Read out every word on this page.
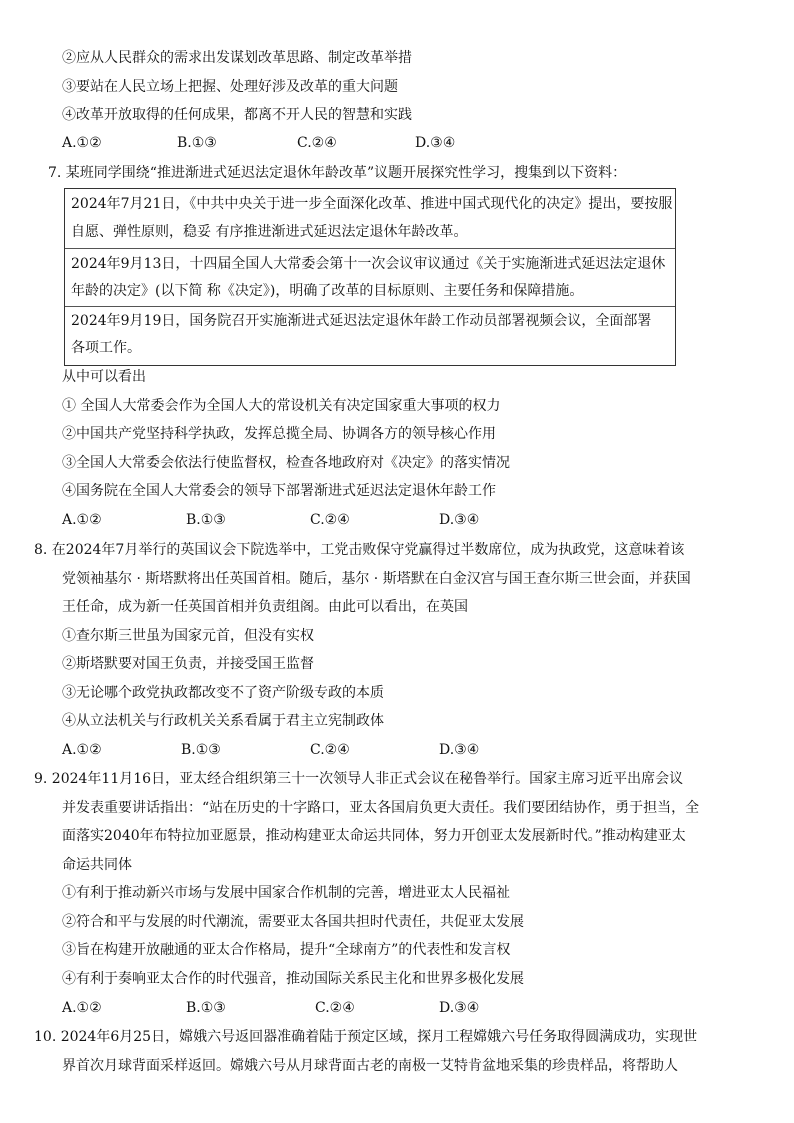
②应从人民群众的需求出发谋划改革思路、制定改革举措
③要站在人民立场上把握、处理好涉及改革的重大问题
④改革开放取得的任何成果，都离不开人民的智慧和实践
A.①②	B.①③	C.②④	D.③④
7. 某班同学围绕“推进渐进式延迟法定退休年龄改革”议题开展探究性学习，搜集到以下资料：
2024年7月21日，《中共中央关于进一步全面深化改革、推进中国式现代化的决定》提出，要按服
自愿、弹性原则，稳妥 有序推进渐进式延迟法定退休年龄改革。
2024年9月13日，十四届全国人大常委会第十一次会议审议通过《关于实施渐进式延迟法定退休
年龄的决定》(以下简 称《决定》)，明确了改革的目标原则、主要任务和保障措施。
2024年9月19日，国务院召开实施渐进式延迟法定退休年龄工作动员部署视频会议，全面部署
各项工作。
从中可以看出
① 全国人大常委会作为全国人大的常设机关有决定国家重大事项的权力
②中国共产党坚持科学执政，发挥总揽全局、协调各方的领导核心作用
③全国人大常委会依法行使监督权，检查各地政府对《决定》的落实情况
④国务院在全国人大常委会的领导下部署渐进式延迟法定退休年龄工作
A.①②	B.①③	C.②④	D.③④
8. 在2024年7月举行的英国议会下院选举中，工党击败保守党赢得过半数席位，成为执政党，这意味着该
党领袖基尔 · 斯塔默将出任英国首相。随后，基尔 · 斯塔默在白金汉宫与国王查尔斯三世会面，并获国
王任命，成为新一任英国首相并负责组阁。由此可以看出，在英国
①查尔斯三世虽为国家元首，但没有实权
②斯塔默要对国王负责，并接受国王监督
③无论哪个政党执政都改变不了资产阶级专政的本质
④从立法机关与行政机关关系看属于君主立宪制政体
A.①②	B.①③	C.②④	D.③④
9. 2024年11月16日，亚太经合组织第三十一次领导人非正式会议在秘鲁举行。国家主席习近平出席会议
并发表重要讲话指出：“站在历史的十字路口，亚太各国肩负更大责任。我们要团结协作，勇于担当，全
面落实2040年布特拉加亚愿景，推动构建亚太命运共同体，努力开创亚太发展新时代。”推动构建亚太
命运共同体
①有利于推动新兴市场与发展中国家合作机制的完善，增进亚太人民福祉
②符合和平与发展的时代潮流，需要亚太各国共担时代责任，共促亚太发展
③旨在构建开放融通的亚太合作格局，提升“全球南方”的代表性和发言权
④有利于奏响亚太合作的时代强音，推动国际关系民主化和世界多极化发展
A.①②	B.①③	C.②④	D.③④
10. 2024年6月25日，嫦娥六号返回器准确着陆于预定区域，探月工程嫦娥六号任务取得圆满成功，实现世
界首次月球背面采样返回。嫦娥六号从月球背面古老的南极一艾特肯盆地采集的珍贵样品，将帮助人
